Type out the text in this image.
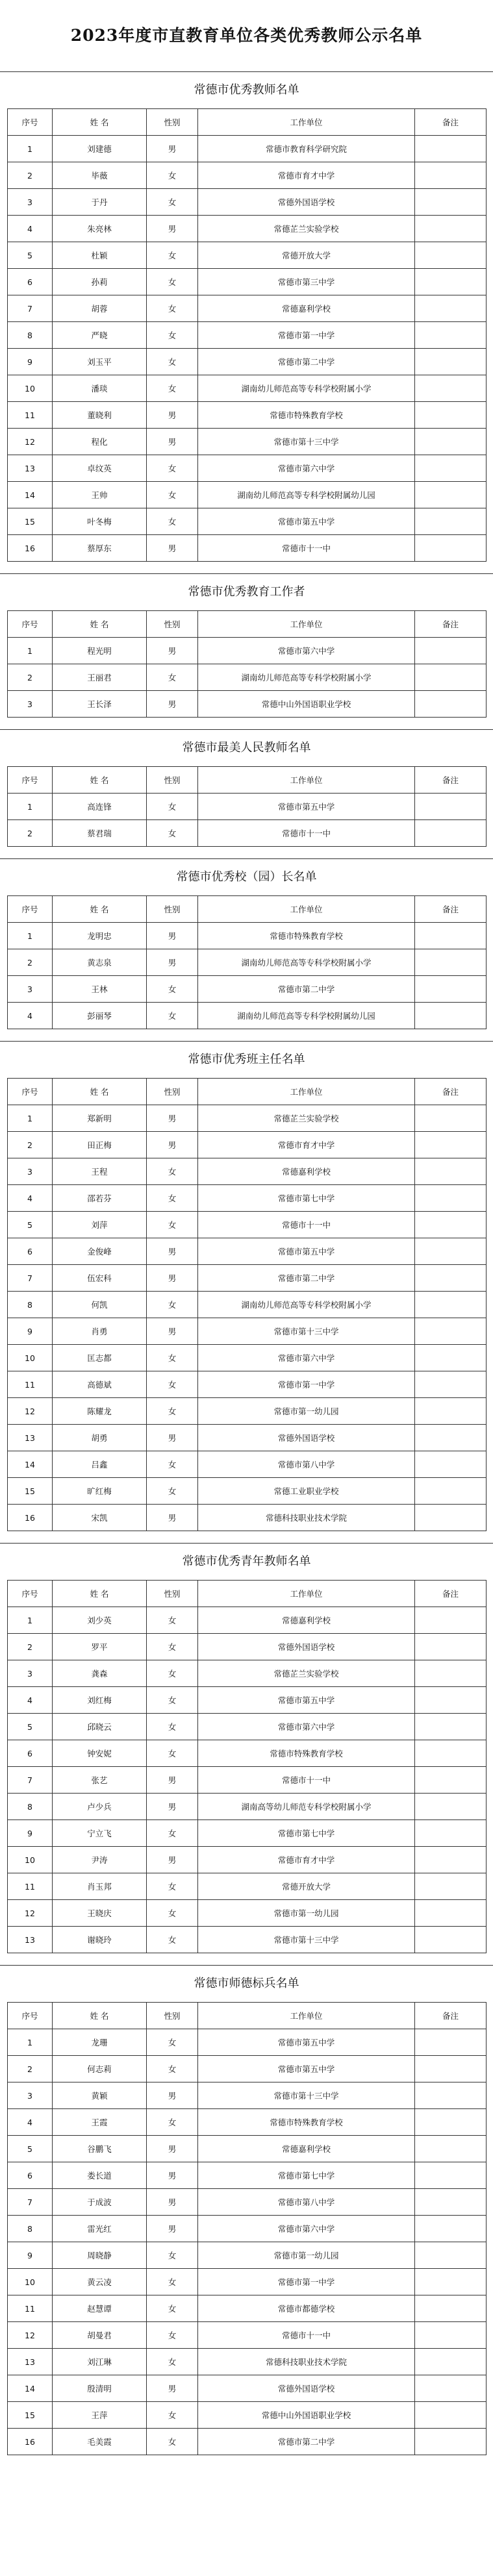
2023年度市直教育单位各类优秀教师公示名单
常德市优秀教师名单
序号	姓 名	性别	工作单位	备注
1	刘建德	男	常德市教育科学研究院	
2	毕薇	女	常德市育才中学	
3	于丹	女	常德外国语学校	
4	朱亮林	男	常德芷兰实验学校	
5	杜颖	女	常德开放大学	
6	孙莉	女	常德市第三中学	
7	胡蓉	女	常德嘉利学校	
8	严晓	女	常德市第一中学	
9	刘玉平	女	常德市第二中学	
10	潘琰	女	湖南幼儿师范高等专科学校附属小学	
11	董晓利	男	常德市特殊教育学校	
12	程化	男	常德市第十三中学	
13	卓纹英	女	常德市第六中学	
14	王帅	女	湖南幼儿师范高等专科学校附属幼儿园	
15	叶冬梅	女	常德市第五中学	
16	蔡厚东	男	常德市十一中	
常德市优秀教育工作者
序号	姓 名	性别	工作单位	备注
1	程光明	男	常德市第六中学	
2	王丽君	女	湖南幼儿师范高等专科学校附属小学	
3	王长泽	男	常德中山外国语职业学校	
常德市最美人民教师名单
序号	姓 名	性别	工作单位	备注
1	高连锋	女	常德市第五中学	
2	蔡君瑞	女	常德市十一中	
常德市优秀校（园）长名单
序号	姓 名	性别	工作单位	备注
1	龙明忠	男	常德市特殊教育学校	
2	黄志泉	男	湖南幼儿师范高等专科学校附属小学	
3	王林	女	常德市第二中学	
4	彭丽琴	女	湖南幼儿师范高等专科学校附属幼儿园	
常德市优秀班主任名单
序号	姓 名	性别	工作单位	备注
1	郑新明	男	常德芷兰实验学校	
2	田正梅	男	常德市育才中学	
3	王程	女	常德嘉利学校	
4	邵若芬	女	常德市第七中学	
5	刘萍	女	常德市十一中	
6	金俊峰	男	常德市第五中学	
7	伍宏科	男	常德市第二中学	
8	何凯	女	湖南幼儿师范高等专科学校附属小学	
9	肖勇	男	常德市第十三中学	
10	匡志都	女	常德市第六中学	
11	高德斌	女	常德市第一中学	
12	陈耀龙	女	常德市第一幼儿园	
13	胡勇	男	常德外国语学校	
14	吕鑫	女	常德市第八中学	
15	旷红梅	女	常德工业职业学校	
16	宋凯	男	常德科技职业技术学院	
常德市优秀青年教师名单
序号	姓 名	性别	工作单位	备注
1	刘少英	女	常德嘉利学校	
2	罗平	女	常德外国语学校	
3	龚森	女	常德芷兰实验学校	
4	刘红梅	女	常德市第五中学	
5	邱晓云	女	常德市第六中学	
6	钟安妮	女	常德市特殊教育学校	
7	张艺	男	常德市十一中	
8	卢少兵	男	湖南高等幼儿师范专科学校附属小学	
9	宁立飞	女	常德市第七中学	
10	尹涛	男	常德市育才中学	
11	肖玉邦	女	常德开放大学	
12	王晓庆	女	常德市第一幼儿园	
13	谢晓玲	女	常德市第十三中学	
常德市师德标兵名单
序号	姓 名	性别	工作单位	备注
1	龙珊	女	常德市第五中学	
2	何志莉	女	常德市第五中学	
3	黄颖	男	常德市第十三中学	
4	王霞	女	常德市特殊教育学校	
5	谷鹏飞	男	常德嘉利学校	
6	娄长道	男	常德市第七中学	
7	于成波	男	常德市第八中学	
8	雷光红	男	常德市第六中学	
9	周晓静	女	常德市第一幼儿园	
10	黄云凌	女	常德市第一中学	
11	赵慧谭	女	常德市都德学校	
12	胡曼君	女	常德市十一中	
13	刘江琳	女	常德科技职业技术学院	
14	殷清明	男	常德外国语学校	
15	王萍	女	常德中山外国语职业学校	
16	毛美霞	女	常德市第二中学	
